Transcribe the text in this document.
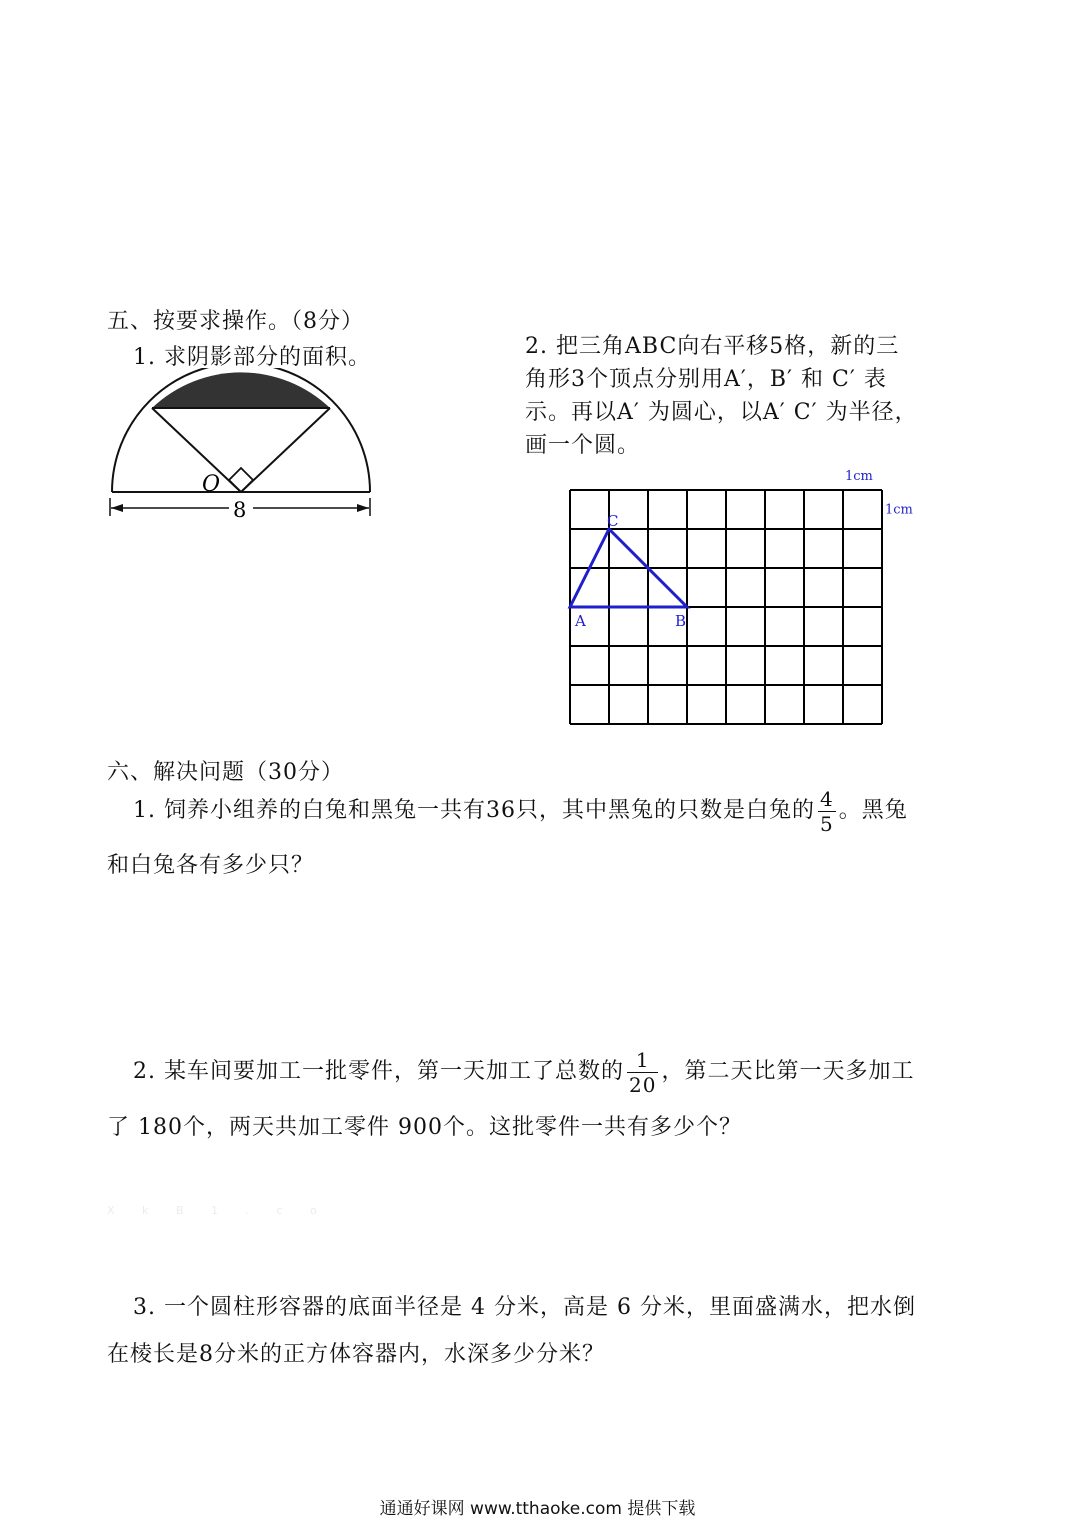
五、按要求操作。（8分）
1. 求阴影部分的面积。
O
8
2. 把三角ABC向右平移5格，新的三
角形3个顶点分别用A′，B′ 和 C′ 表
示。再以A′ 为圆心，以A′ C′ 为半径，
画一个圆。
A	B
C
1cm
1cm
六、解决问题（30分）
1. 饲养小组养的白兔和黑兔一共有36只，其中黑兔的只数是白兔的 $\frac{4}{5}$ 。黑兔
和白兔各有多少只？
2. 某车间要加工一批零件，第一天加工了总数的 $\frac{1}{20}$ ，第二天比第一天多加工
了 180个，两天共加工零件 900个。这批零件一共有多少个？
X k B 1 . c o
3. 一个圆柱形容器的底面半径是 4 分米，高是 6 分米，里面盛满水，把水倒
在棱长是8分米的正方体容器内，水深多少分米？
通通好课网 www.tthaoke.com 提供下载
